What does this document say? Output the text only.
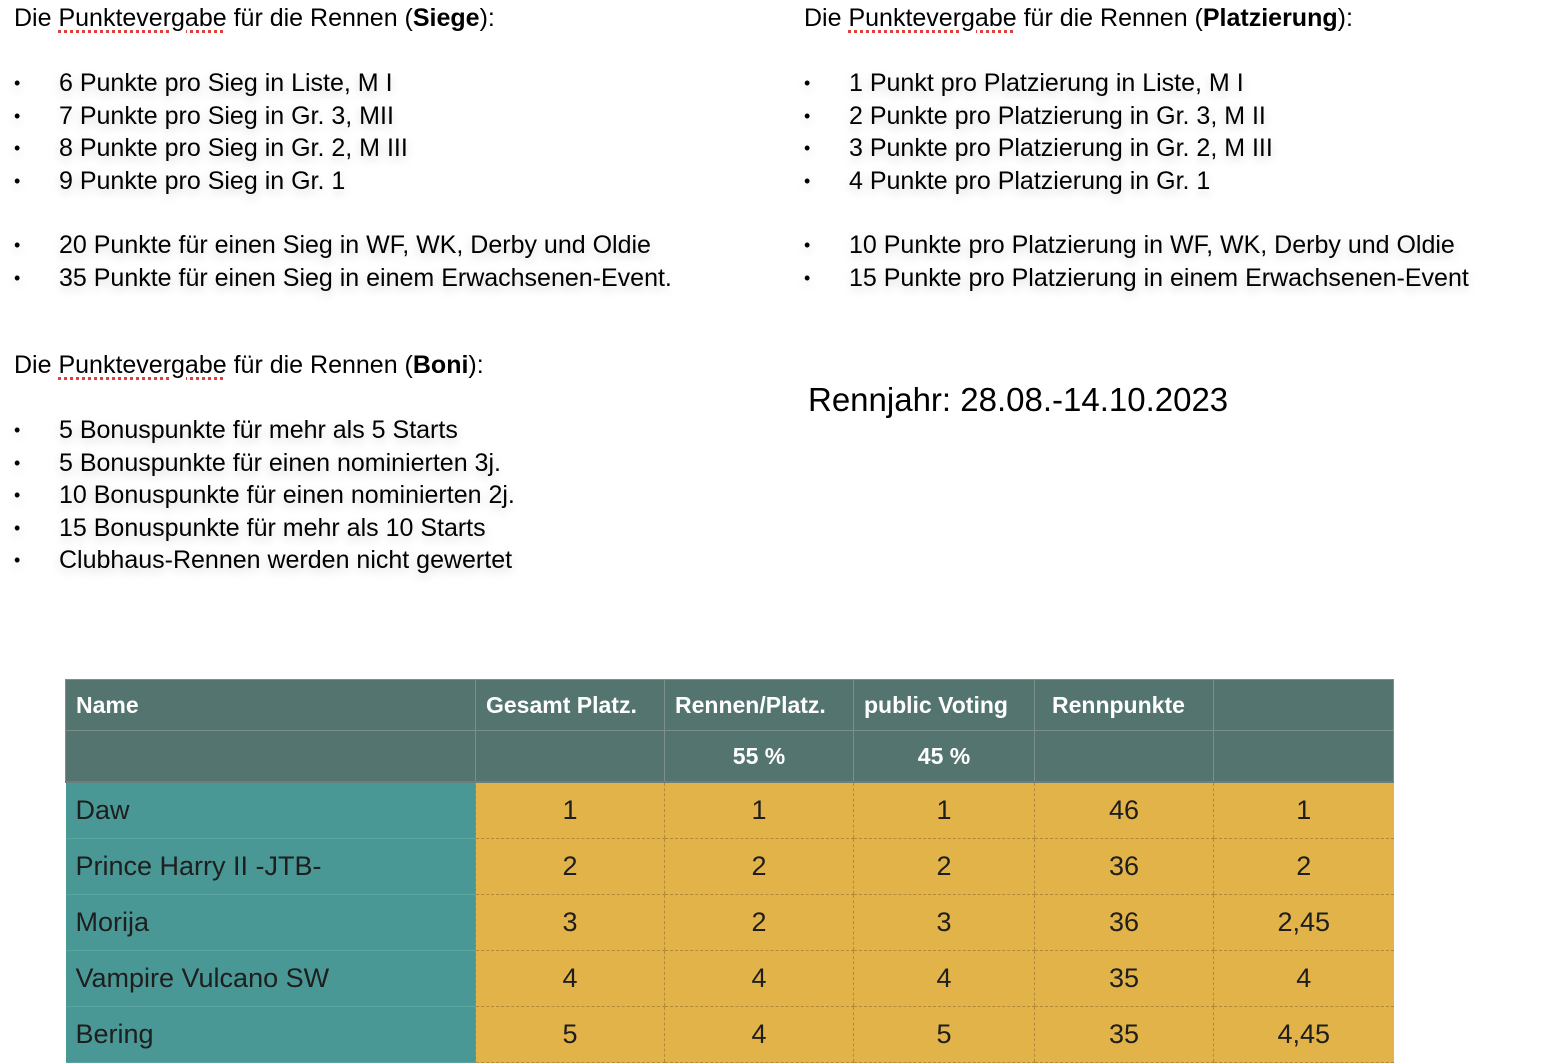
Die Punktevergabe für die Rennen (Siege):
• 6 Punkte pro Sieg in Liste, M I
• 7 Punkte pro Sieg in Gr. 3, MII
• 8 Punkte pro Sieg in Gr. 2, M III
• 9 Punkte pro Sieg in Gr. 1
• 20 Punkte für einen Sieg in WF, WK, Derby und Oldie
• 35 Punkte für einen Sieg in einem Erwachsenen-Event.
Die Punktevergabe für die Rennen (Platzierung):
• 1 Punkt pro Platzierung in Liste, M I
• 2 Punkte pro Platzierung in Gr. 3, M II
• 3 Punkte pro Platzierung in Gr. 2, M III
• 4 Punkte pro Platzierung in Gr. 1
• 10 Punkte pro Platzierung in WF, WK, Derby und Oldie
• 15 Punkte pro Platzierung in einem Erwachsenen-Event
Die Punktevergabe für die Rennen (Boni):
• 5 Bonuspunkte für mehr als 5 Starts
• 5 Bonuspunkte für einen nominierten 3j.
• 10 Bonuspunkte für einen nominierten 2j.
• 15 Bonuspunkte für mehr als 10 Starts
• Clubhaus-Rennen werden nicht gewertet
Rennjahr: 28.08.-14.10.2023
Name	Gesamt Platz.	Rennen/Platz.	public Voting	Rennpunkte	
		55 %	45 %		
Daw	1	1	1	46	1
Prince Harry II -JTB-	2	2	2	36	2
Morija	3	2	3	36	2,45
Vampire Vulcano SW	4	4	4	35	4
Bering	5	4	5	35	4,45
